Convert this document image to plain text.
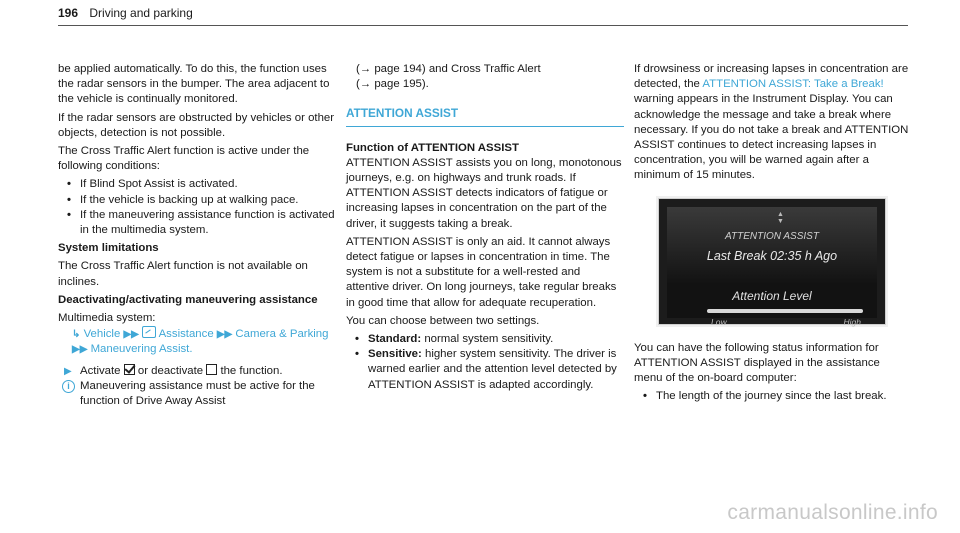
196 Driving and parking

be applied automatically. To do this, the function uses the radar sensors in the bumper. The area adjacent to the vehicle is continually monitored.

If the radar sensors are obstructed by vehicles or other objects, detection is not possible.

The Cross Traffic Alert function is active under the following conditions:

• If Blind Spot Assist is activated.
• If the vehicle is backing up at walking pace.
• If the maneuvering assistance function is activated in the multimedia system.

System limitations

The Cross Traffic Alert function is not available on inclines.

Deactivating/activating maneuvering assistance

Multimedia system:

↳ Vehicle ▶▶ Assistance ▶▶ Camera & Parking ▶▶ Maneuvering Assist.
▶ Activate or deactivate the function.
i Maneuvering assistance must be active for the function of Drive Away Assist

(→ page 194) and Cross Traffic Alert

(→ page 195).

ATTENTION ASSIST

Function of ATTENTION ASSIST

ATTENTION ASSIST assists you on long, monotonous journeys, e.g. on highways and trunk roads. If ATTENTION ASSIST detects indicators of fatigue or increasing lapses in concentration on the part of the driver, it suggests taking a break.

ATTENTION ASSIST is only an aid. It cannot always detect fatigue or lapses in concentration in time. The system is not a substitute for a well-rested and attentive driver. On long journeys, take regular breaks in good time that allow for adequate recuperation.

You can choose between two settings.

• Standard: normal system sensitivity.
• Sensitive: higher system sensitivity. The driver is warned earlier and the attention level detected by ATTENTION ASSIST is adapted accordingly.

If drowsiness or increasing lapses in concentration are detected, the ATTENTION ASSIST: Take a Break! warning appears in the Instrument Display. You can acknowledge the message and take a break where necessary. If you do not take a break and ATTENTION ASSIST continues to detect increasing lapses in concentration, you will be warned again after a minimum of 15 minutes.

▲
▼
ATTENTION ASSIST
Last Break 02:35 h Ago
Attention Level
Low	High

You can have the following status information for ATTENTION ASSIST displayed in the assistance menu of the on-board computer:

• The length of the journey since the last break.
carmanualsonline.info
